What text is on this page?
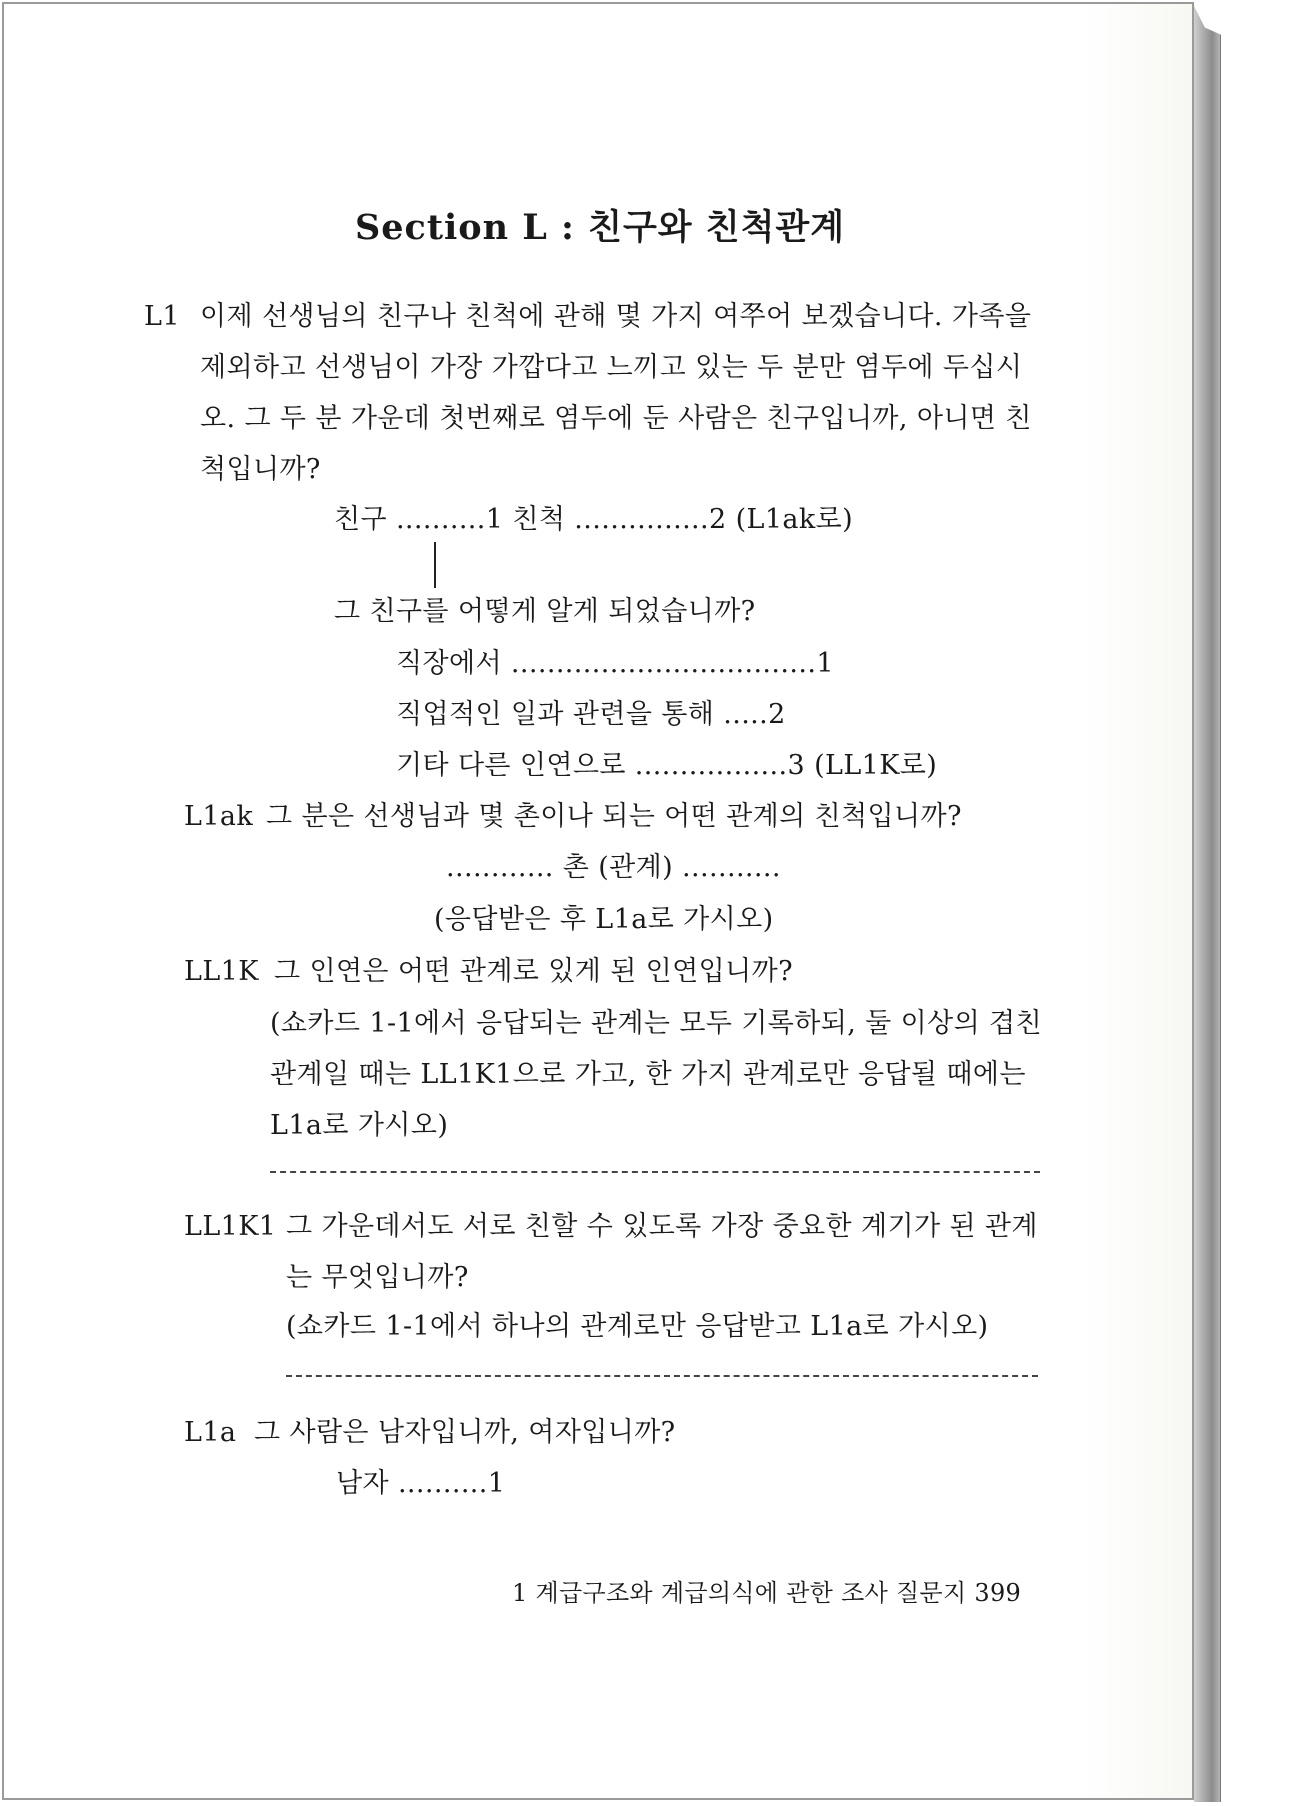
Section L : 친구와 친척관계
L1 이제 선생님의 친구나 친척에 관해 몇 가지 여쭈어 보겠습니다. 가족을
제외하고 선생님이 가장 가깝다고 느끼고 있는 두 분만 염두에 두십시
오. 그 두 분 가운데 첫번째로 염두에 둔 사람은 친구입니까, 아니면 친
척입니까?
친구 ..........1 친척 ...............2 (L1ak로)
그 친구를 어떻게 알게 되었습니까?
직장에서 ..................................1
직업적인 일과 관련을 통해 .....2
기타 다른 인연으로 .................3 (LL1K로)
L1ak 그 분은 선생님과 몇 촌이나 되는 어떤 관계의 친척입니까?
............ 촌 (관계) ...........
(응답받은 후 L1a로 가시오)
LL1K 그 인연은 어떤 관계로 있게 된 인연입니까?
(쇼카드 1-1에서 응답되는 관계는 모두 기록하되, 둘 이상의 겹친
관계일 때는 LL1K1으로 가고, 한 가지 관계로만 응답될 때에는
L1a로 가시오)
LL1K1 그 가운데서도 서로 친할 수 있도록 가장 중요한 계기가 된 관계
는 무엇입니까?
(쇼카드 1-1에서 하나의 관계로만 응답받고 L1a로 가시오)
L1a 그 사람은 남자입니까, 여자입니까?
남자 ..........1
1 계급구조와 계급의식에 관한 조사 질문지 399
